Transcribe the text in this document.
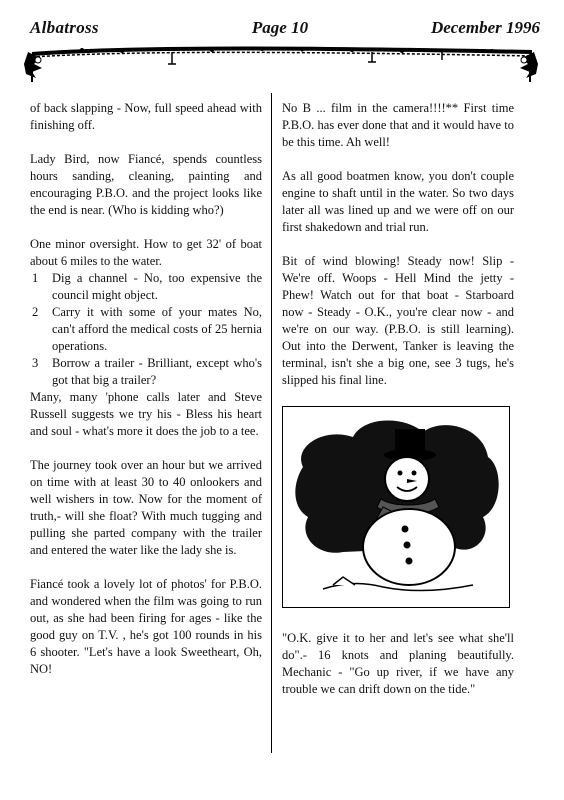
Albatross	Page 10	December 1996

of back slapping - Now, full speed ahead with finishing off.

Lady Bird, now Fiancé, spends countless hours sanding, cleaning, painting and encouraging P.B.O. and the project looks like the end is near. (Who is kidding who?)

One minor oversight. How to get 32' of boat about 6 miles to the water.

1 Dig a channel - No, too expensive the council might object.
2 Carry it with some of your mates No, can't afford the medical costs of 25 hernia operations.
3 Borrow a trailer - Brilliant, except who's got that big a trailer?

Many, many 'phone calls later and Steve Russell suggests we try his - Bless his heart and soul - what's more it does the job to a tee.

The journey took over an hour but we arrived on time with at least 30 to 40 onlookers and well wishers in tow. Now for the moment of truth,- will she float? With much tugging and pulling she parted company with the trailer and entered the water like the lady she is.

Fiancé took a lovely lot of photos' for P.B.O. and wondered when the film was going to run out, as she had been firing for ages - like the good guy on T.V. , he's got 100 rounds in his 6 shooter. "Let's have a look Sweetheart, Oh, NO!

No B ... film in the camera!!!!** First time P.B.O. has ever done that and it would have to be this time. Ah well!

As all good boatmen know, you don't couple engine to shaft until in the water. So two days later all was lined up and we were off on our first shakedown and trial run.

Bit of wind blowing! Steady now! Slip - We're off. Woops - Hell Mind the jetty - Phew! Watch out for that boat - Starboard now - Steady - O.K., you're clear now - and we're on our way. (P.B.O. is still learning). Out into the Derwent, Tanker is leaving the terminal, isn't she a big one, see 3 tugs, he's slipped his final line.

"O.K. give it to her and let's see what she'll do".- 16 knots and planing beautifully. Mechanic - "Go up river, if we have any trouble we can drift down on the tide."
